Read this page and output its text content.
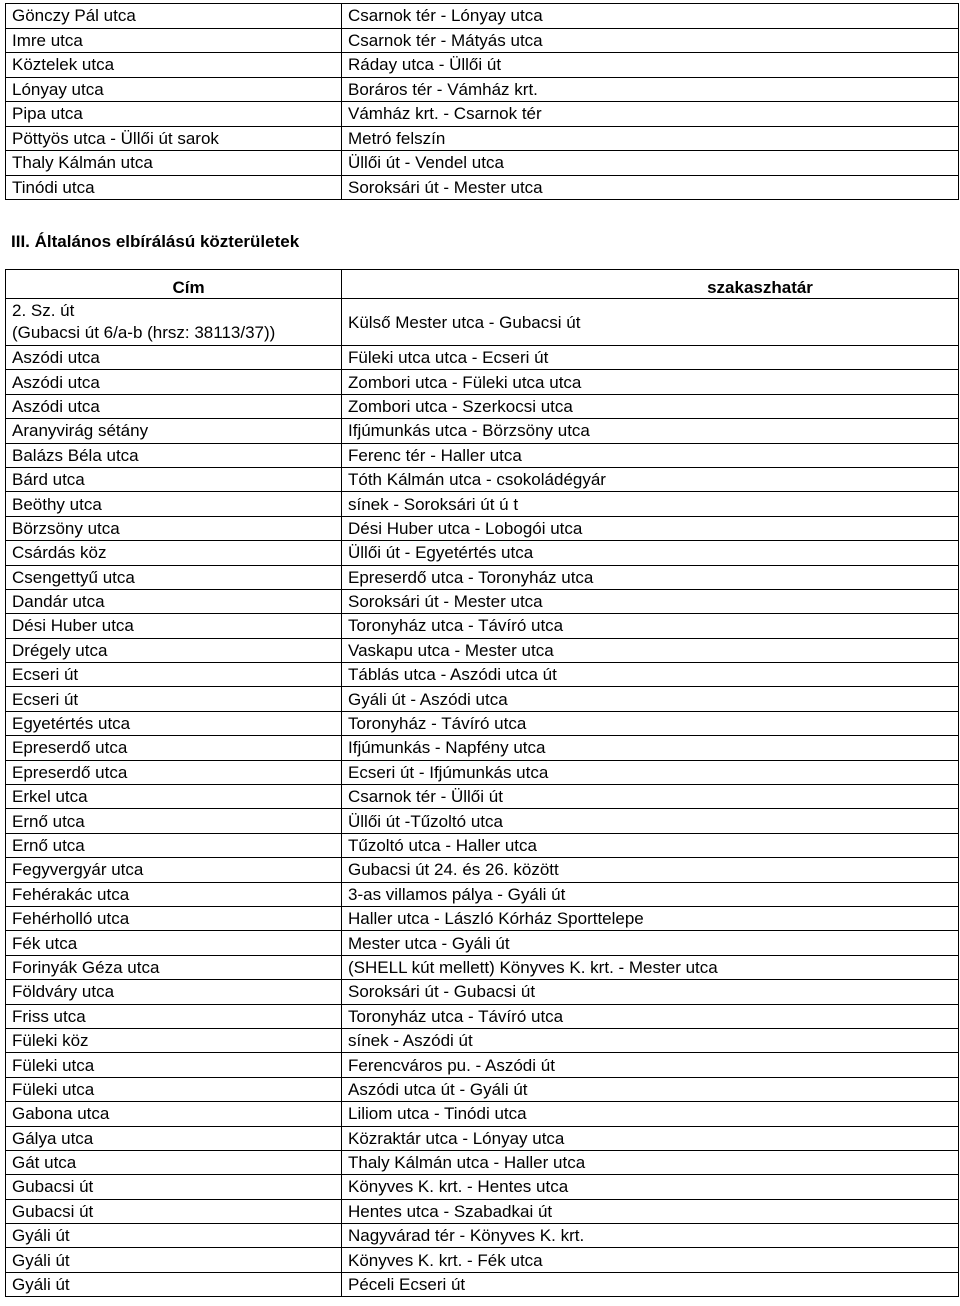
Gönczy Pál utca	Csarnok tér - Lónyay utca
Imre utca	Csarnok tér - Mátyás utca
Köztelek utca	Ráday utca - Üllői út
Lónyay utca	Boráros tér - Vámház krt.
Pipa utca	Vámház krt. - Csarnok tér
Pöttyös utca - Üllői út sarok	Metró felszín
Thaly Kálmán utca	Üllői út - Vendel utca
Tinódi utca	Soroksári út - Mester utca
III. Általános elbírálású közterületek
Cím	szakaszhatár

2. Sz. út
(Gubacsi út 6/a-b (hrsz: 38113/37))	Külső Mester utca - Gubacsi út
Aszódi utca	Füleki utca utca - Ecseri út
Aszódi utca	Zombori utca - Füleki utca utca
Aszódi utca	Zombori utca - Szerkocsi utca
Aranyvirág sétány	Ifjúmunkás utca - Börzsöny utca
Balázs Béla utca	Ferenc tér - Haller utca
Bárd utca	Tóth Kálmán utca - csokoládégyár
Beöthy utca	sínek - Soroksári út ú t
Börzsöny utca	Dési Huber utca - Lobogói utca
Csárdás köz	Üllői út - Egyetértés utca
Csengettyű utca	Epreserdő utca - Toronyház utca
Dandár utca	Soroksári út - Mester utca
Dési Huber utca	Toronyház utca - Távíró utca
Drégely utca	Vaskapu utca - Mester utca
Ecseri út	Táblás utca - Aszódi utca út
Ecseri út	Gyáli út - Aszódi utca
Egyetértés utca	Toronyház - Távíró utca
Epreserdő utca	Ifjúmunkás - Napfény utca
Epreserdő utca	Ecseri út - Ifjúmunkás utca
Erkel utca	Csarnok tér - Üllői út
Ernő utca	Üllői út -Tűzoltó utca
Ernő utca	Tűzoltó utca - Haller utca
Fegyvergyár utca	Gubacsi út 24. és 26. között
Fehérakác utca	3-as villamos pálya - Gyáli út
Fehérholló utca	Haller utca - László Kórház Sporttelepe
Fék utca	Mester utca - Gyáli út
Forinyák Géza utca	(SHELL kút mellett) Könyves K. krt. - Mester utca
Földváry utca	Soroksári út - Gubacsi út
Friss utca	Toronyház utca - Távíró utca
Füleki köz	sínek - Aszódi út
Füleki utca	Ferencváros pu. - Aszódi út
Füleki utca	Aszódi utca út - Gyáli út
Gabona utca	Liliom utca - Tinódi utca
Gálya utca	Közraktár utca - Lónyay utca
Gát utca	Thaly Kálmán utca - Haller utca
Gubacsi út	Könyves K. krt. - Hentes utca
Gubacsi út	Hentes utca - Szabadkai út
Gyáli út	Nagyvárad tér - Könyves K. krt.
Gyáli út	Könyves K. krt. - Fék utca
Gyáli út	Péceli Ecseri út
